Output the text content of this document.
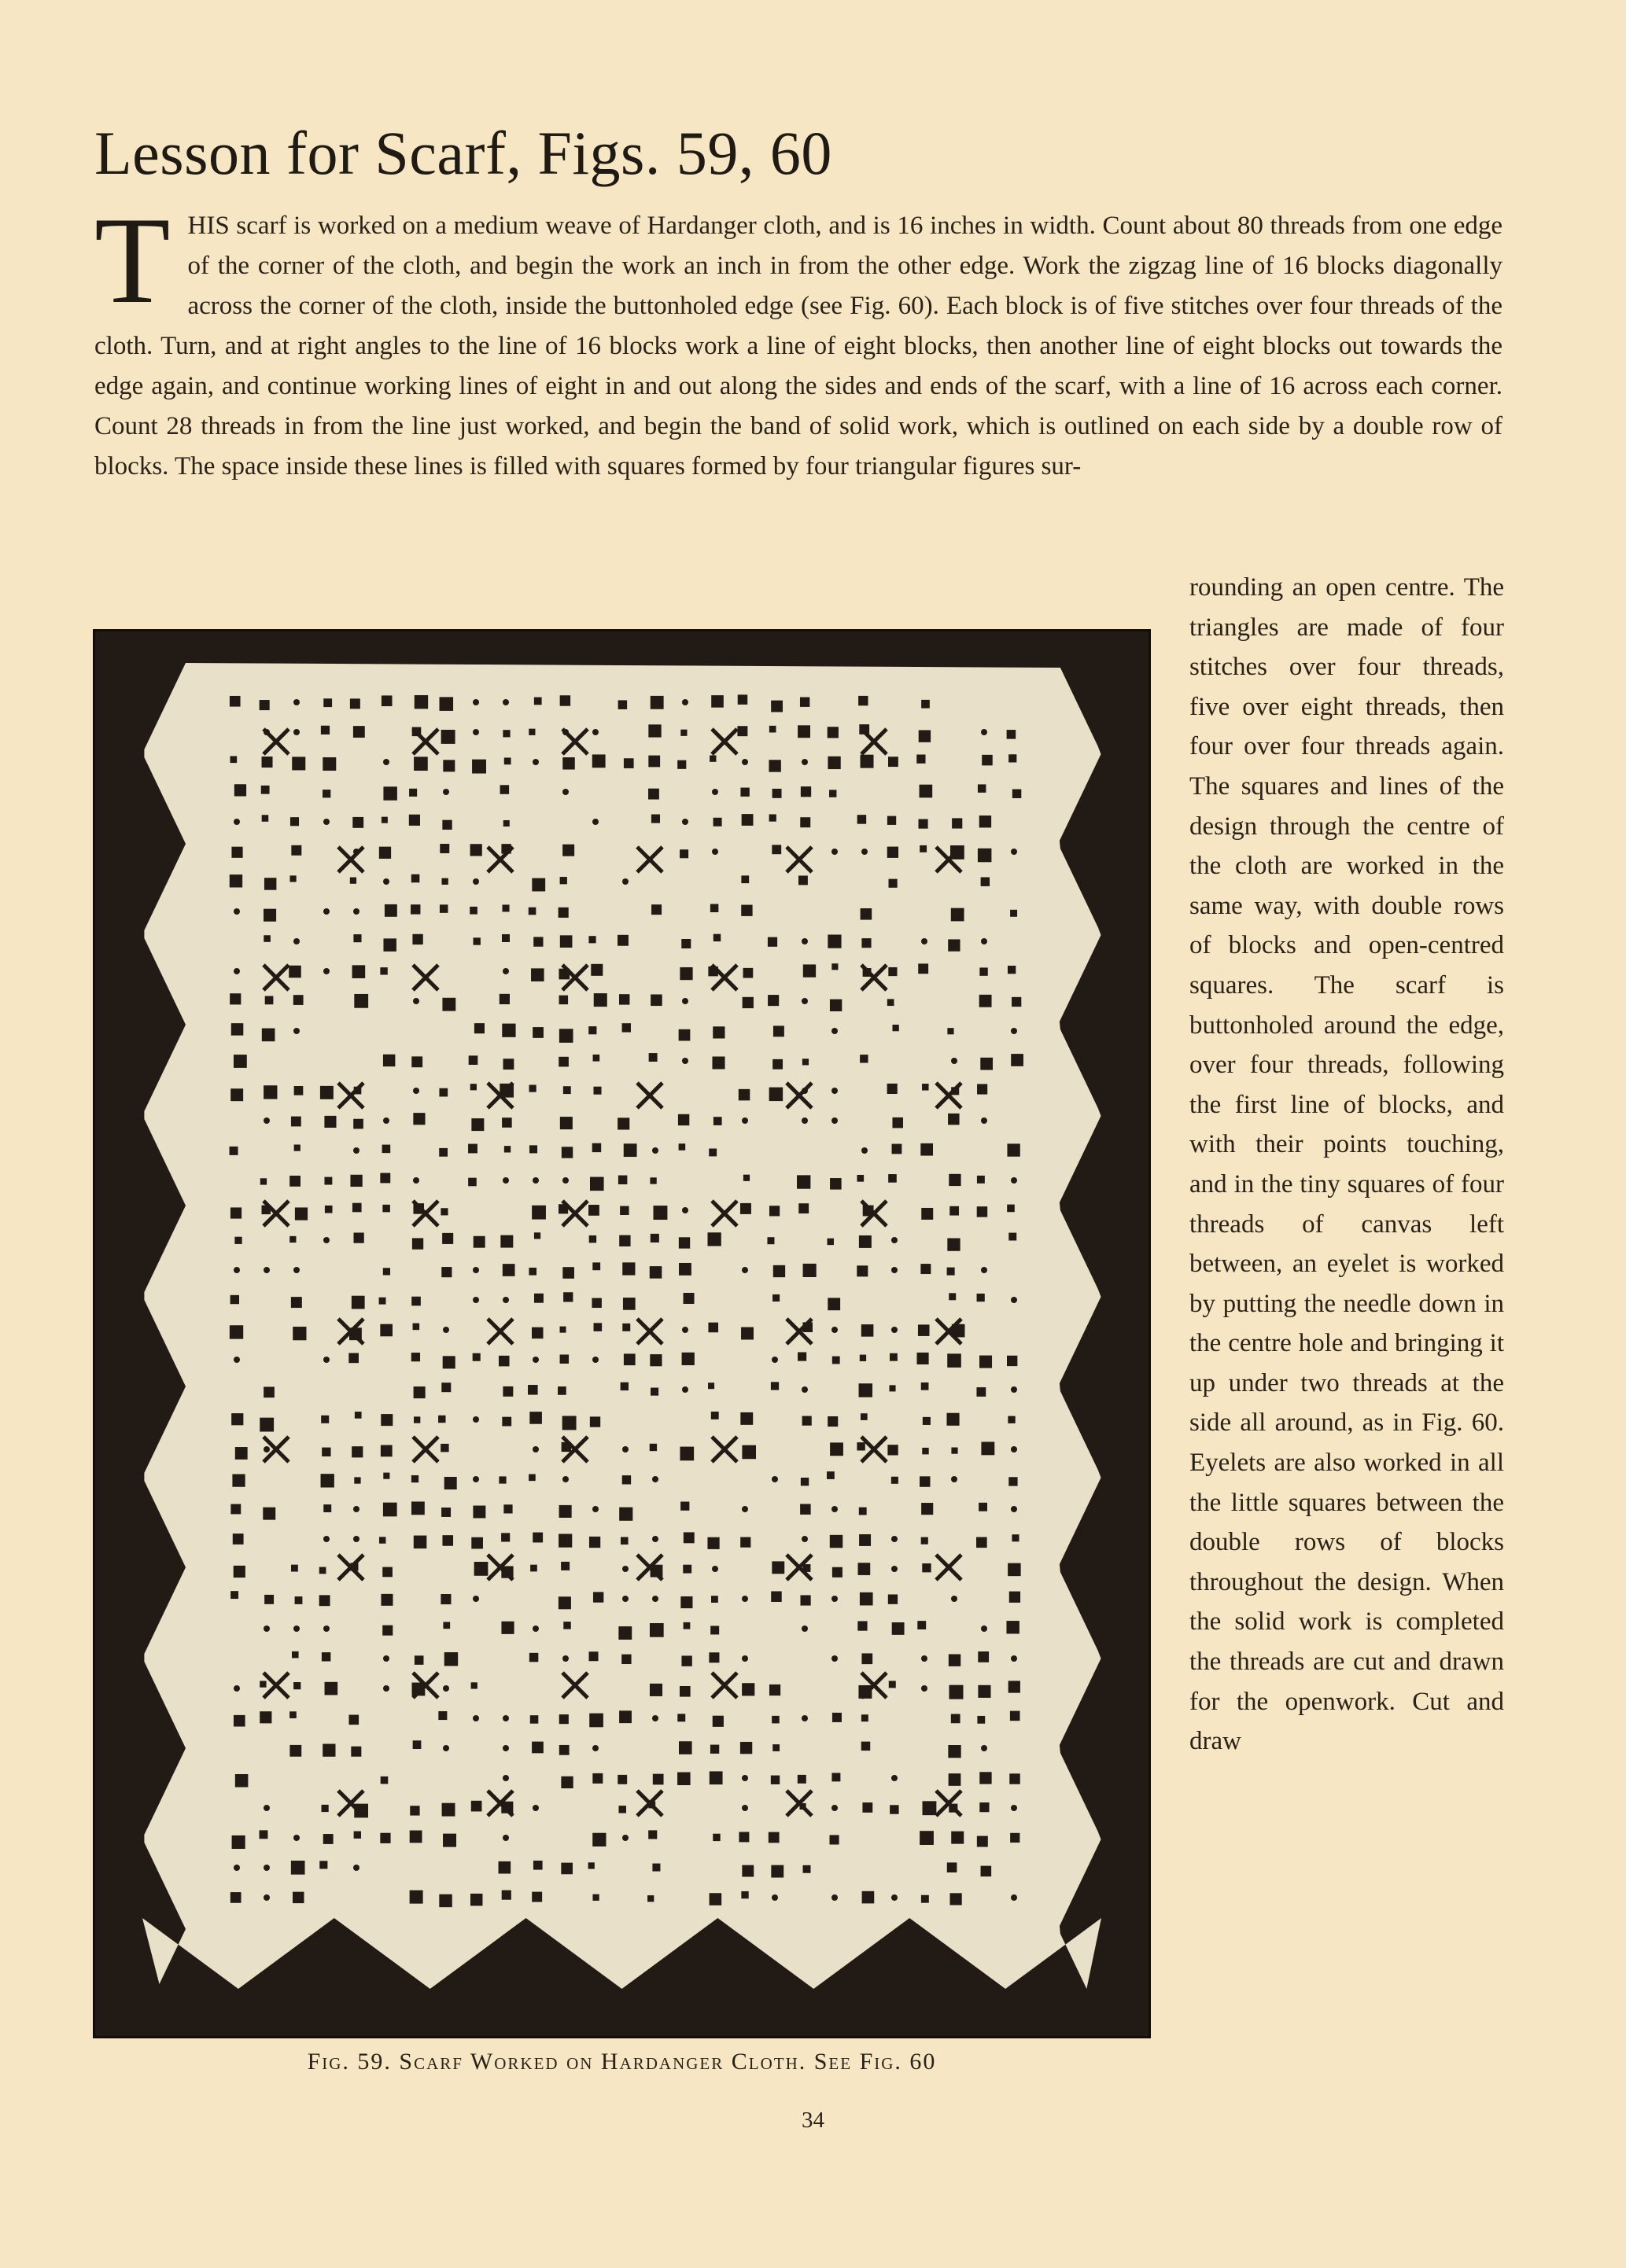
Lesson for Scarf, Figs. 59, 60

THIS scarf is worked on a medium weave of Hardanger cloth, and is 16 inches in width. Count about 80 threads from one edge of the corner of the cloth, and begin the work an inch in from the other edge. Work the zigzag line of 16 blocks diagonally across the corner of the cloth, inside the buttonholed edge (see Fig. 60). Each block is of five stitches over four threads of the cloth. Turn, and at right angles to the line of 16 blocks work a line of eight blocks, then another line of eight blocks out towards the edge again, and continue working lines of eight in and out along the sides and ends of the scarf, with a line of 16 across each corner. Count 28 threads in from the line just worked, and begin the band of solid work, which is outlined on each side by a double row of blocks. The space inside these lines is filled with squares formed by four triangular figures sur-

rounding an open centre. The triangles are made of four stitches over four threads, five over eight threads, then four over four threads again. The squares and lines of the design through the centre of the cloth are worked in the same way, with double rows of blocks and open-centred squares. The scarf is buttonholed around the edge, over four threads, following the first line of blocks, and with their points touching, and in the tiny squares of four threads of canvas left between, an eyelet is worked by putting the needle down in the centre hole and bringing it up under two threads at the side all around, as in Fig. 60. Eyelets are also worked in all the little squares between the double rows of blocks throughout the design. When the solid work is completed the threads are cut and drawn for the openwork. Cut and draw

Fig. 59. Scarf Worked on Hardanger Cloth. See Fig. 60

34
